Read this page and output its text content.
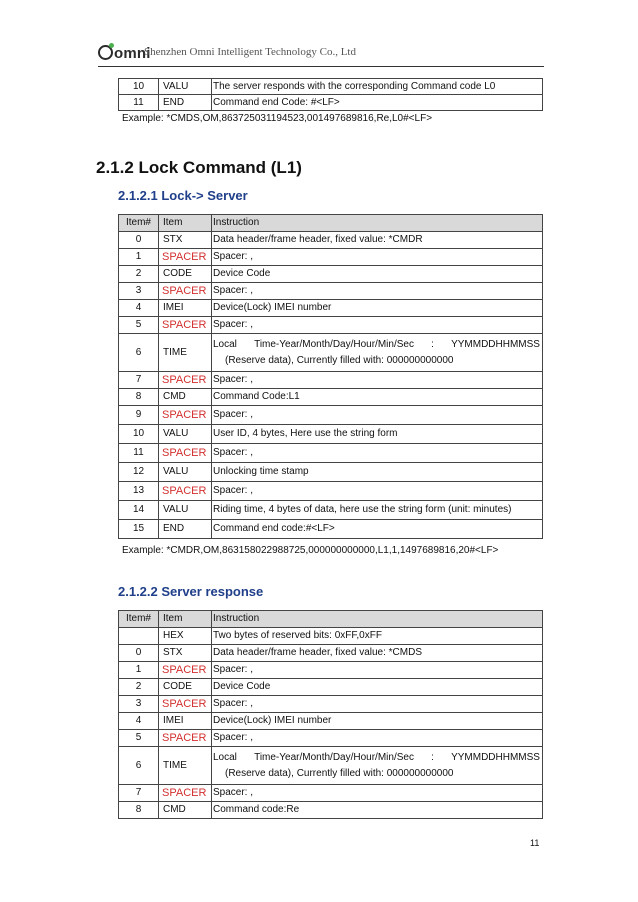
omni
Shenzhen Omni Intelligent Technology Co., Ltd
10	VALU	The server responds with the corresponding Command code L0
11	END	Command end Code: #<LF>
Example: *CMDS,OM,863725031194523,001497689816,Re,L0#<LF>
2.1.2 Lock Command (L1)
2.1.2.1 Lock-> Server
Item#	Item	Instruction
0	STX	Data header/frame header, fixed value: *CMDR
1	SPACER	Spacer: ,
2	CODE	Device Code
3	SPACER	Spacer: ,
4	IMEI	Device(Lock) IMEI number
5	SPACER	Spacer: ,
6	TIME	Local Time-Year/Month/Day/Hour/Min/Sec : YYMMDDHHMMSS
(Reserve data), Currently filled with: 000000000000

7	SPACER	Spacer: ,
8	CMD	Command Code:L1
9	SPACER	Spacer: ,
10	VALU	User ID, 4 bytes, Here use the string form
11	SPACER	Spacer: ,
12	VALU	Unlocking time stamp
13	SPACER	Spacer: ,
14	VALU	Riding time, 4 bytes of data, here use the string form (unit: minutes)
15	END	Command end code:#<LF>
Example: *CMDR,OM,863158022988725,000000000000,L1,1,1497689816,20#<LF>
2.1.2.2 Server response
Item#	Item	Instruction
	HEX	Two bytes of reserved bits: 0xFF,0xFF
0	STX	Data header/frame header, fixed value: *CMDS
1	SPACER	Spacer: ,
2	CODE	Device Code
3	SPACER	Spacer: ,
4	IMEI	Device(Lock) IMEI number
5	SPACER	Spacer: ,
6	TIME	Local Time-Year/Month/Day/Hour/Min/Sec : YYMMDDHHMMSS
(Reserve data), Currently filled with: 000000000000

7	SPACER	Spacer: ,
8	CMD	Command code:Re
11
